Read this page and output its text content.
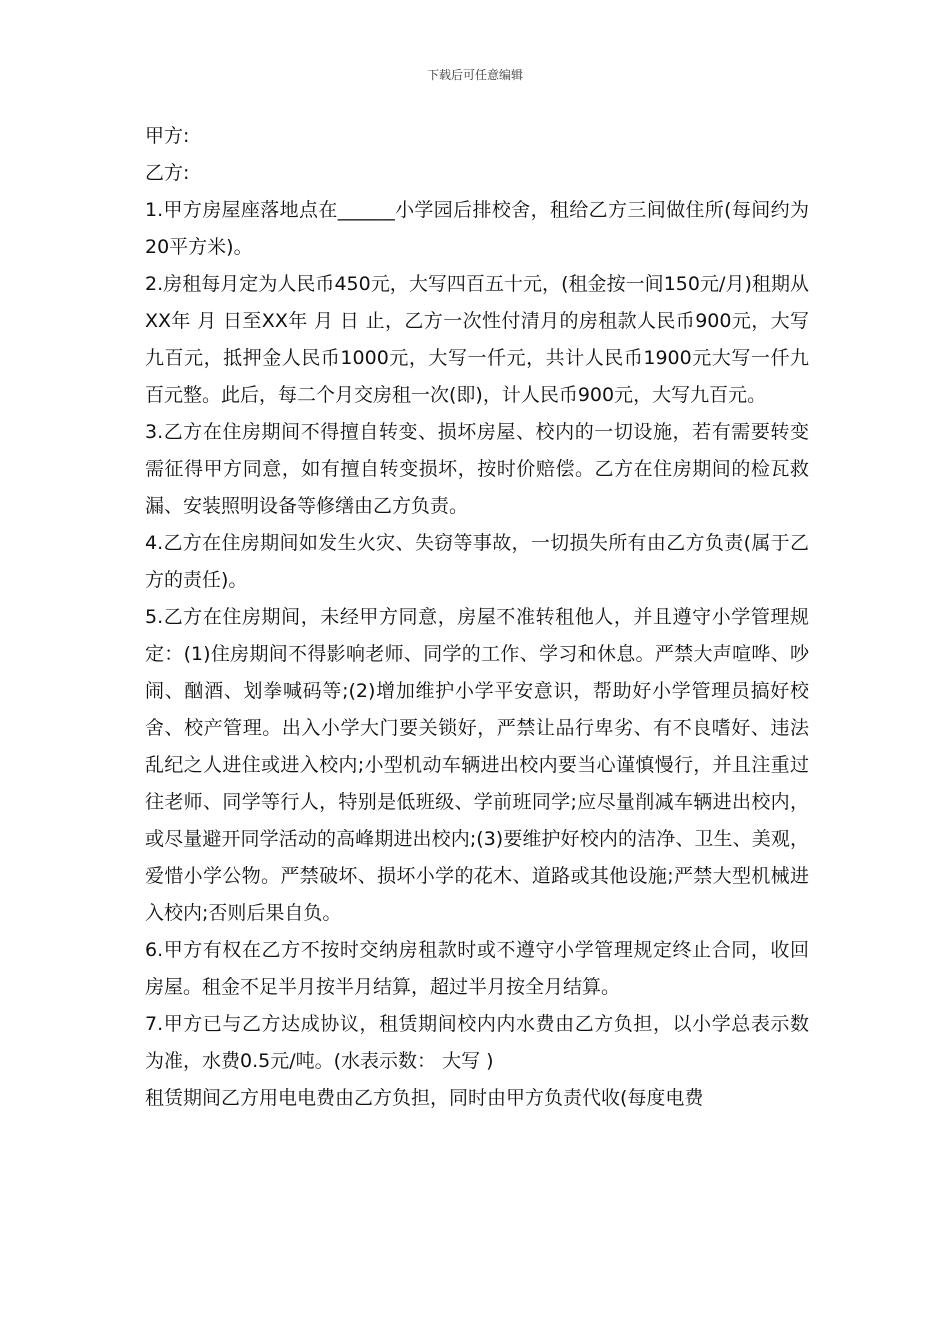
下载后可任意编辑

甲方:

乙方:

1.甲方房屋座落地点在______小学园后排校舍，租给乙方三间做住所(每间约为20平方米)。

2.房租每月定为人民币450元，大写四百五十元，(租金按一间150元/月)租期从XX年 月 日至XX年 月 日 止，乙方一次性付清月的房租款人民币900元，大写九百元，抵押金人民币1000元，大写一仟元，共计人民币1900元大写一仟九百元整。此后，每二个月交房租一次(即)，计人民币900元，大写九百元。

3.乙方在住房期间不得擅自转变、损坏房屋、校内的一切设施，若有需要转变需征得甲方同意，如有擅自转变损坏，按时价赔偿。乙方在住房期间的检瓦救漏、安装照明设备等修缮由乙方负责。

4.乙方在住房期间如发生火灾、失窃等事故，一切损失所有由乙方负责(属于乙方的责任)。

5.乙方在住房期间，未经甲方同意，房屋不准转租他人，并且遵守小学管理规定：(1)住房期间不得影响老师、同学的工作、学习和休息。严禁大声喧哗、吵闹、酗酒、划拳喊码等;(2)增加维护小学平安意识，帮助好小学管理员搞好校舍、校产管理。出入小学大门要关锁好，严禁让品行卑劣、有不良嗜好、违法乱纪之人进住或进入校内;小型机动车辆进出校内要当心谨慎慢行，并且注重过往老师、同学等行人，特别是低班级、学前班同学;应尽量削减车辆进出校内，或尽量避开同学活动的高峰期进出校内;(3)要维护好校内的洁净、卫生、美观，爱惜小学公物。严禁破坏、损坏小学的花木、道路或其他设施;严禁大型机械进入校内;否则后果自负。

6.甲方有权在乙方不按时交纳房租款时或不遵守小学管理规定终止合同，收回房屋。租金不足半月按半月结算，超过半月按全月结算。

7.甲方已与乙方达成协议，租赁期间校内内水费由乙方负担，以小学总表示数为准，水费0.5元/吨。(水表示数： 大写 )

租赁期间乙方用电电费由乙方负担，同时由甲方负责代收(每度电费
